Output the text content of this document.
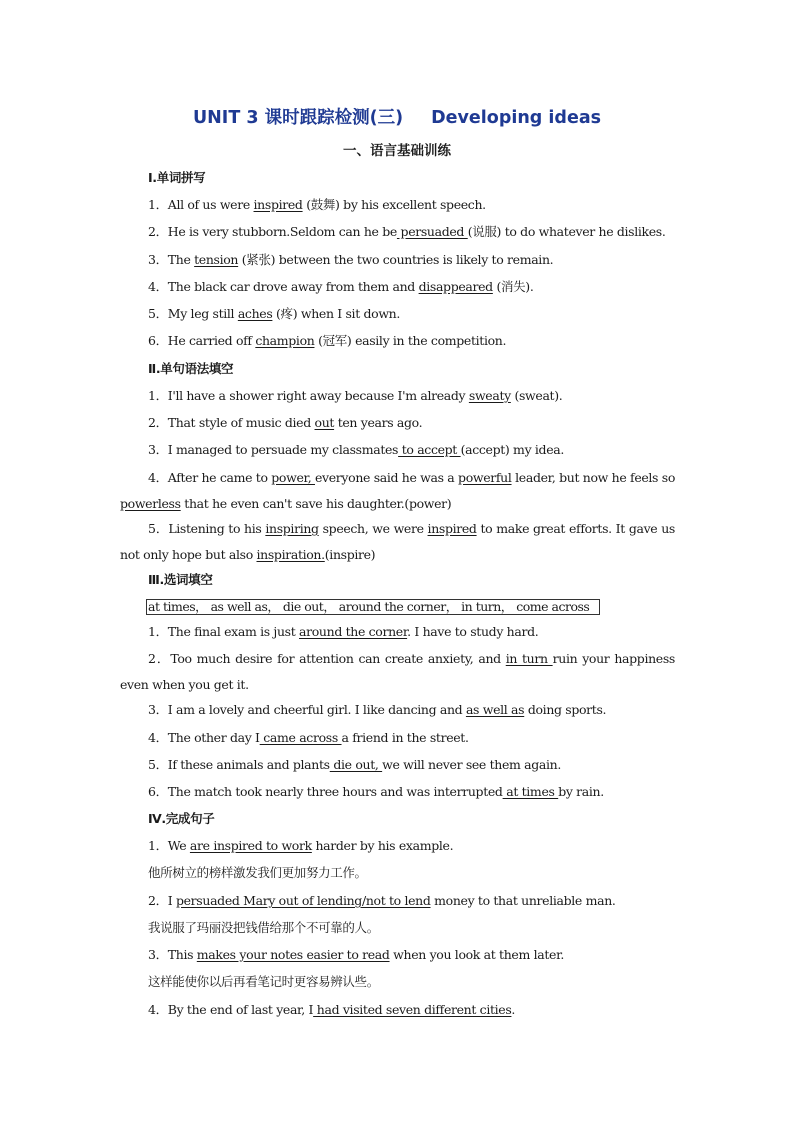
UNIT 3 课时跟踪检测(三) Developing ideas
一、语言基础训练
Ⅰ.单词拼写
1．All of us were inspired (鼓舞) by his excellent speech.
2．He is very stubborn.Seldom can he be persuaded (说服) to do whatever he dislikes.
3．The tension (紧张) between the two countries is likely to remain.
4．The black car drove away from them and disappeared (消失).
5．My leg still aches (疼) when I sit down.
6．He carried off champion (冠军) easily in the competition.
Ⅱ.单句语法填空
1．I'll have a shower right away because I'm already sweaty (sweat).
2．That style of music died out ten years ago.
3．I managed to persuade my classmates to accept (accept) my idea.
4．After he came to power, everyone said he was a powerful leader, but now he feels so
powerless that he even can't save his daughter.(power)
5．Listening to his inspiring speech, we were inspired to make great efforts. It gave us
not only hope but also inspiration.(inspire)
Ⅲ.选词填空
at times， as well as， die out， around the corner， in turn， come across
1．The final exam is just around the corner. I have to study hard.
2．Too much desire for attention can create anxiety, and in turn ruin your happiness
even when you get it.
3．I am a lovely and cheerful girl. I like dancing and as well as doing sports.
4．The other day I came across a friend in the street.
5．If these animals and plants die out, we will never see them again.
6．The match took nearly three hours and was interrupted at times by rain.
Ⅳ.完成句子
1．We are inspired to work harder by his example.
他所树立的榜样激发我们更加努力工作。
2．I persuaded Mary out of lending/not to lend money to that unreliable man.
我说服了玛丽没把钱借给那个不可靠的人。
3．This makes your notes easier to read when you look at them later.
这样能使你以后再看笔记时更容易辨认些。
4．By the end of last year, I had visited seven different cities.
